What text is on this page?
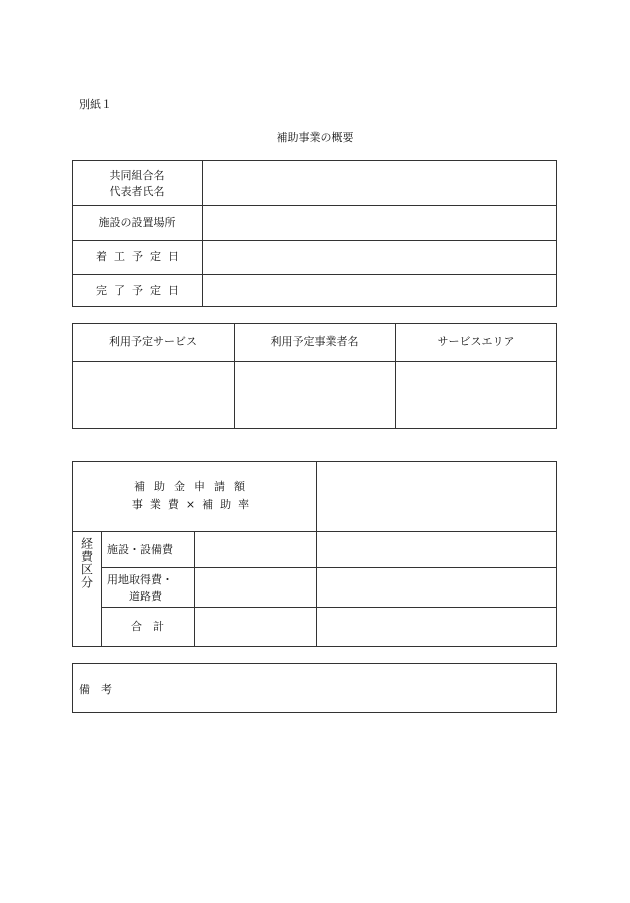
別紙１
補助事業の概要
共同組合名
代表者氏名
施設の設置場所
着工予定日
完了予定日
利用予定サービス	利用予定事業者名	サービスエリア
補助金申請額
事業費×補助率
経費区分 施設・設備費
用地取得費・
道路費
合　計
備　考
